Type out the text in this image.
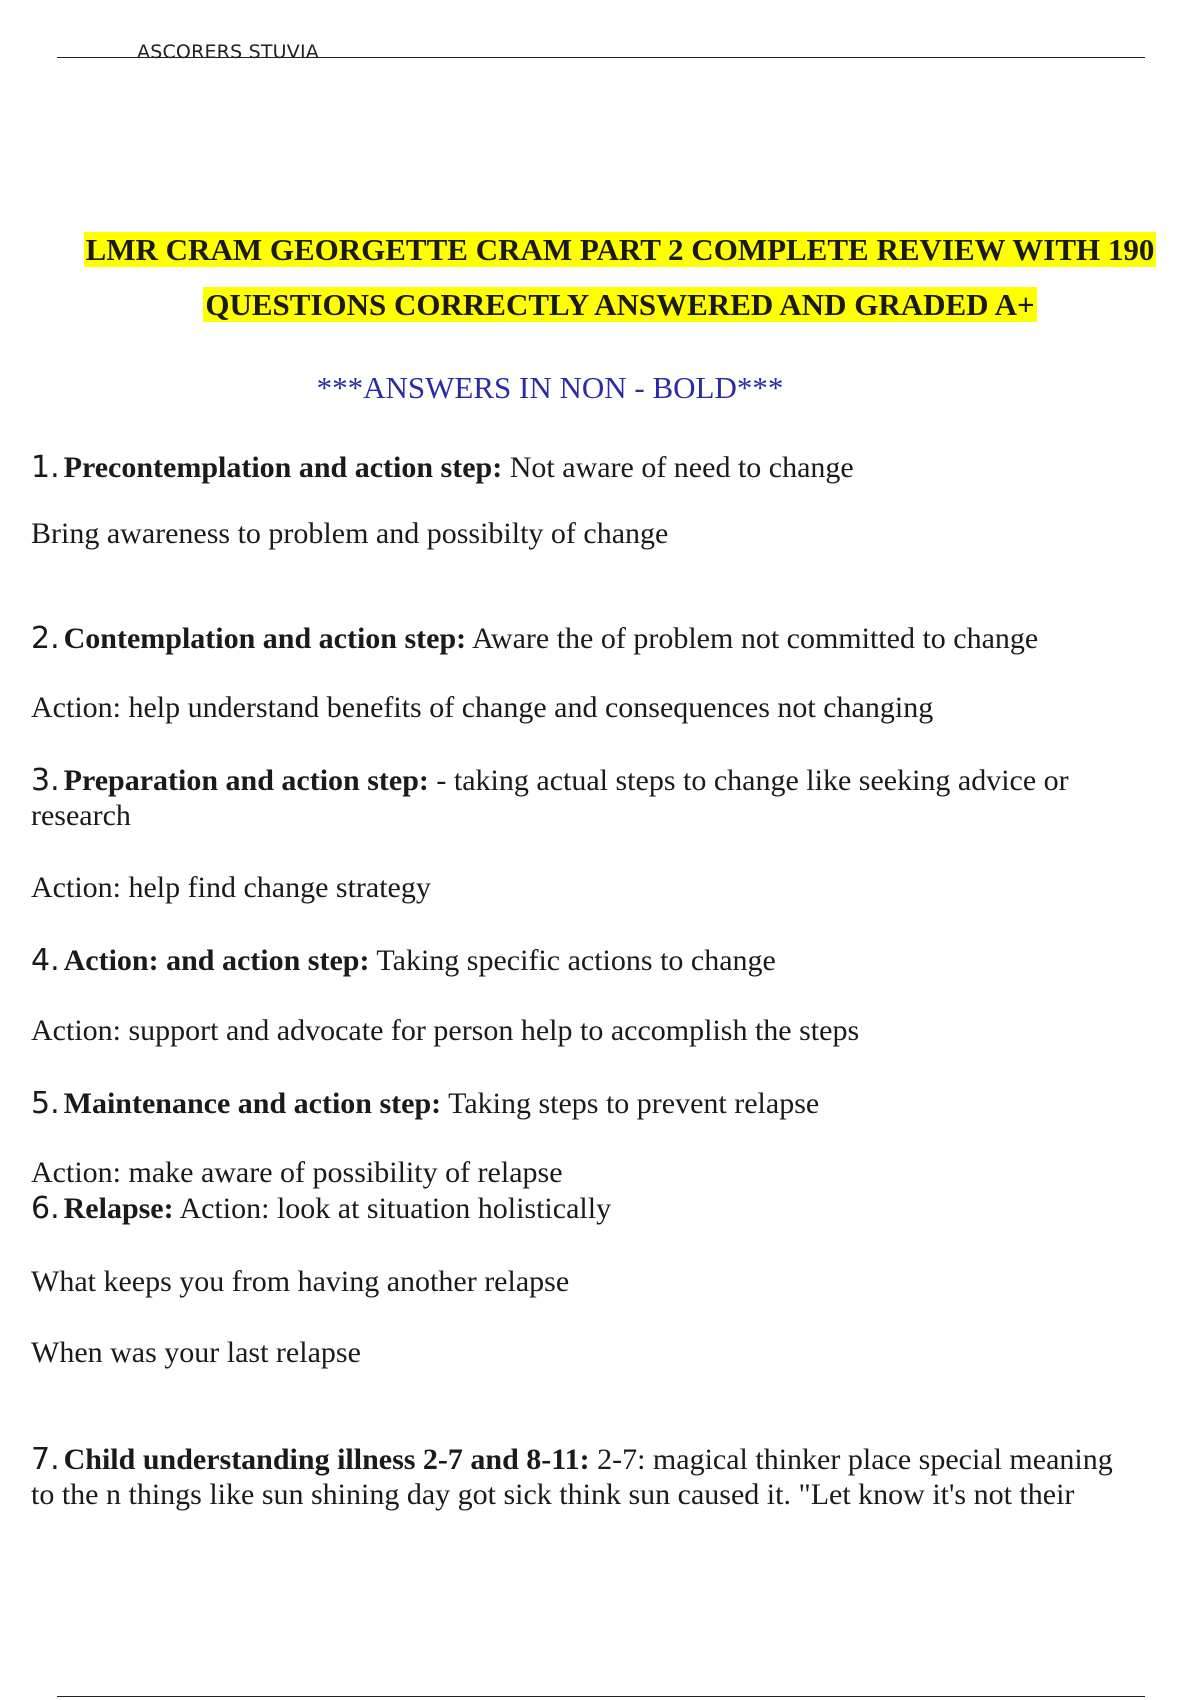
ASCORERS STUVIA
LMR CRAM GEORGETTE CRAM PART 2 COMPLETE REVIEW WITH 190
QUESTIONS CORRECTLY ANSWERED AND GRADED A+
***ANSWERS IN NON - BOLD***
1. Precontemplation and action step: Not aware of need to change
Bring awareness to problem and possibilty of change
2. Contemplation and action step: Aware the of problem not committed to change
Action: help understand benefits of change and consequences not changing
3. Preparation and action step: - taking actual steps to change like seeking advice or
research
Action: help find change strategy
4. Action: and action step: Taking specific actions to change
Action: support and advocate for person help to accomplish the steps
5. Maintenance and action step: Taking steps to prevent relapse
Action: make aware of possibility of relapse
6. Relapse: Action: look at situation holistically
What keeps you from having another relapse
When was your last relapse
7. Child understanding illness 2-7 and 8-11: 2-7: magical thinker place special meaning
to the n things like sun shining day got sick think sun caused it. "Let know it's not their
